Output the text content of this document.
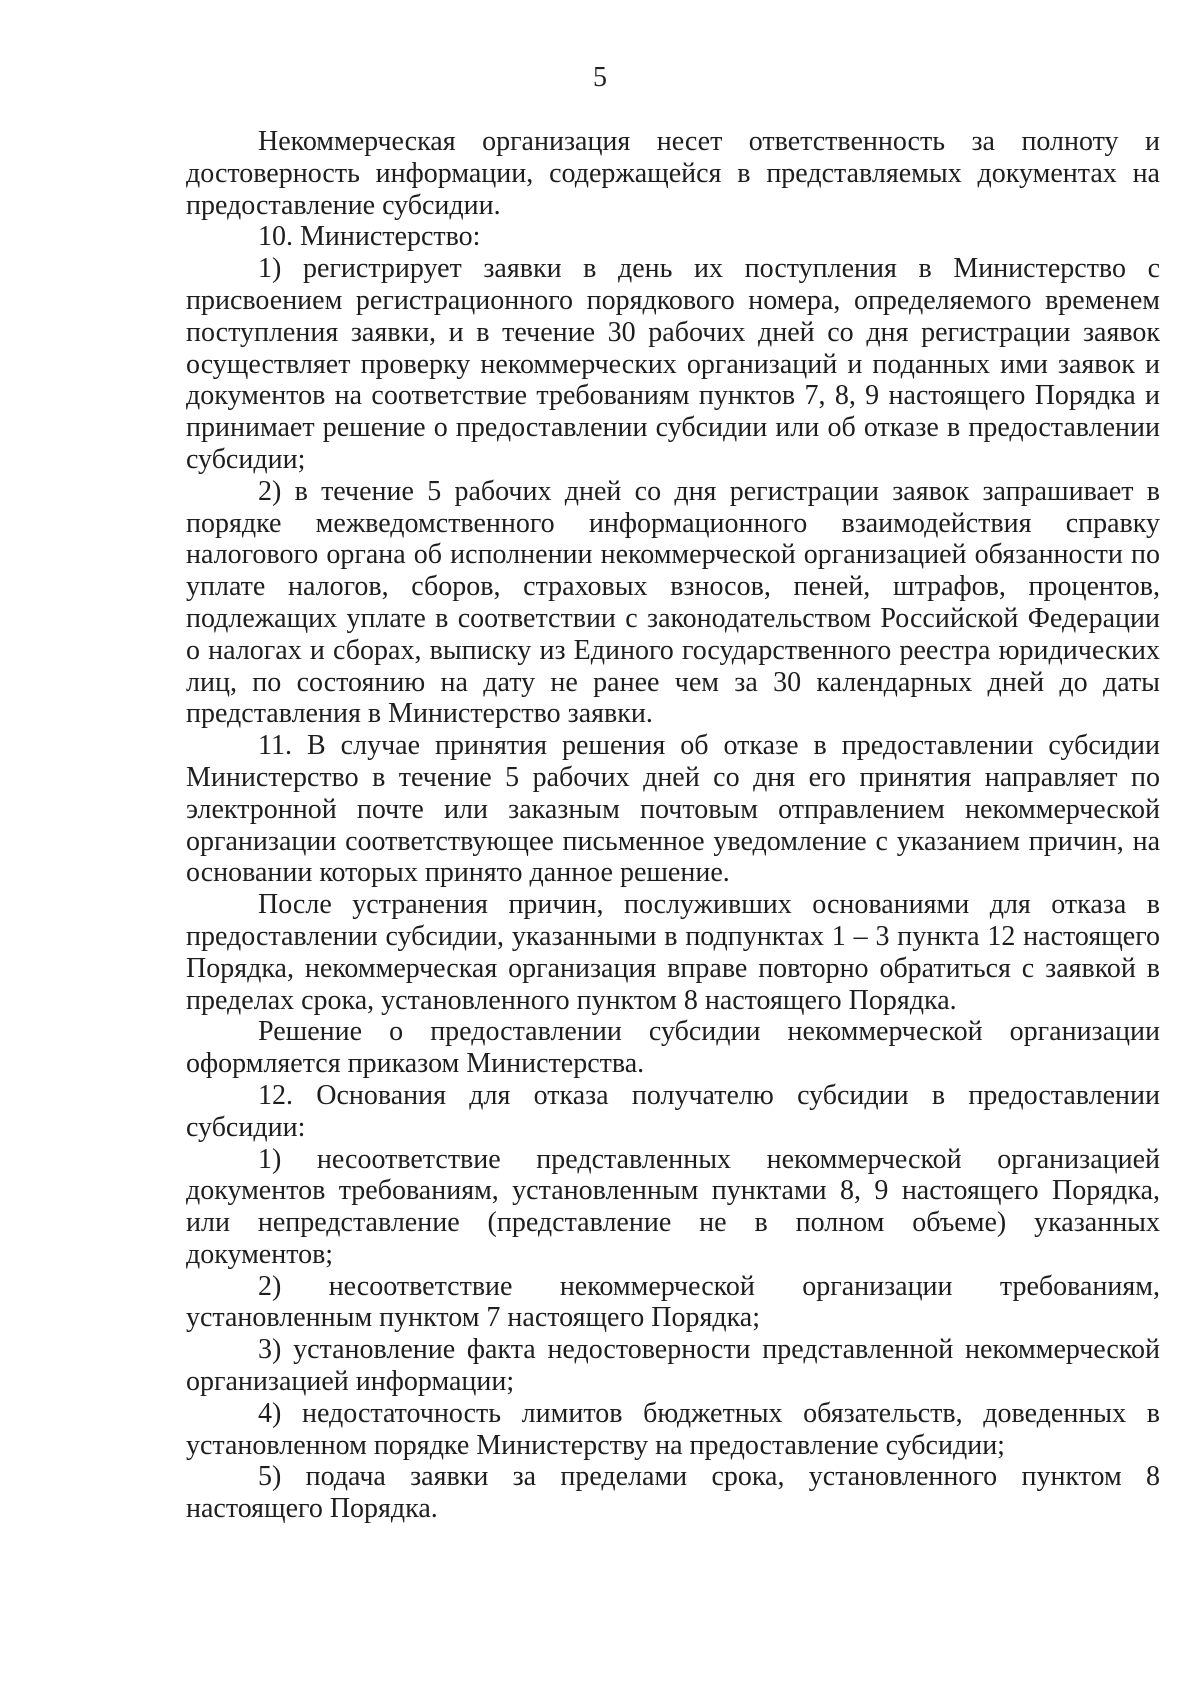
5

Некоммерческая организация несет ответственность за полноту и достоверность информации, содержащейся в представляемых документах на предоставление субсидии.

10. Министерство:

1) регистрирует заявки в день их поступления в Министерство с присвоением регистрационного порядкового номера, определяемого временем поступления заявки, и в течение 30 рабочих дней со дня регистрации заявок осуществляет проверку некоммерческих организаций и поданных ими заявок и документов на соответствие требованиям пунктов 7, 8, 9 настоящего Порядка и принимает решение о предоставлении субсидии или об отказе в предоставлении субсидии;

2) в течение 5 рабочих дней со дня регистрации заявок запрашивает в порядке межведомственного информационного взаимодействия справку налогового органа об исполнении некоммерческой организацией обязанности по уплате налогов, сборов, страховых взносов, пеней, штрафов, процентов, подлежащих уплате в соответствии с законодательством Российской Федерации о налогах и сборах, выписку из Единого государственного реестра юридических лиц, по состоянию на дату не ранее чем за 30 календарных дней до даты представления в Министерство заявки.

11. В случае принятия решения об отказе в предоставлении субсидии Министерство в течение 5 рабочих дней со дня его принятия направляет по электронной почте или заказным почтовым отправлением некоммерческой организации соответствующее письменное уведомление с указанием причин, на основании которых принято данное решение.

После устранения причин, послуживших основаниями для отказа в предоставлении субсидии, указанными в подпунктах 1 – 3 пункта 12 настоящего Порядка, некоммерческая организация вправе повторно обратиться с заявкой в пределах срока, установленного пунктом 8 настоящего Порядка.

Решение о предоставлении субсидии некоммерческой организации оформляется приказом Министерства.

12. Основания для отказа получателю субсидии в предоставлении субсидии:

1) несоответствие представленных некоммерческой организацией документов требованиям, установленным пунктами 8, 9 настоящего Порядка, или непредставление (представление не в полном объеме) указанных документов;

2) несоответствие некоммерческой организации требованиям, установленным пунктом 7 настоящего Порядка;

3) установление факта недостоверности представленной некоммерческой организацией информации;

4) недостаточность лимитов бюджетных обязательств, доведенных в установленном порядке Министерству на предоставление субсидии;

5) подача заявки за пределами срока, установленного пунктом 8 настоящего Порядка.
